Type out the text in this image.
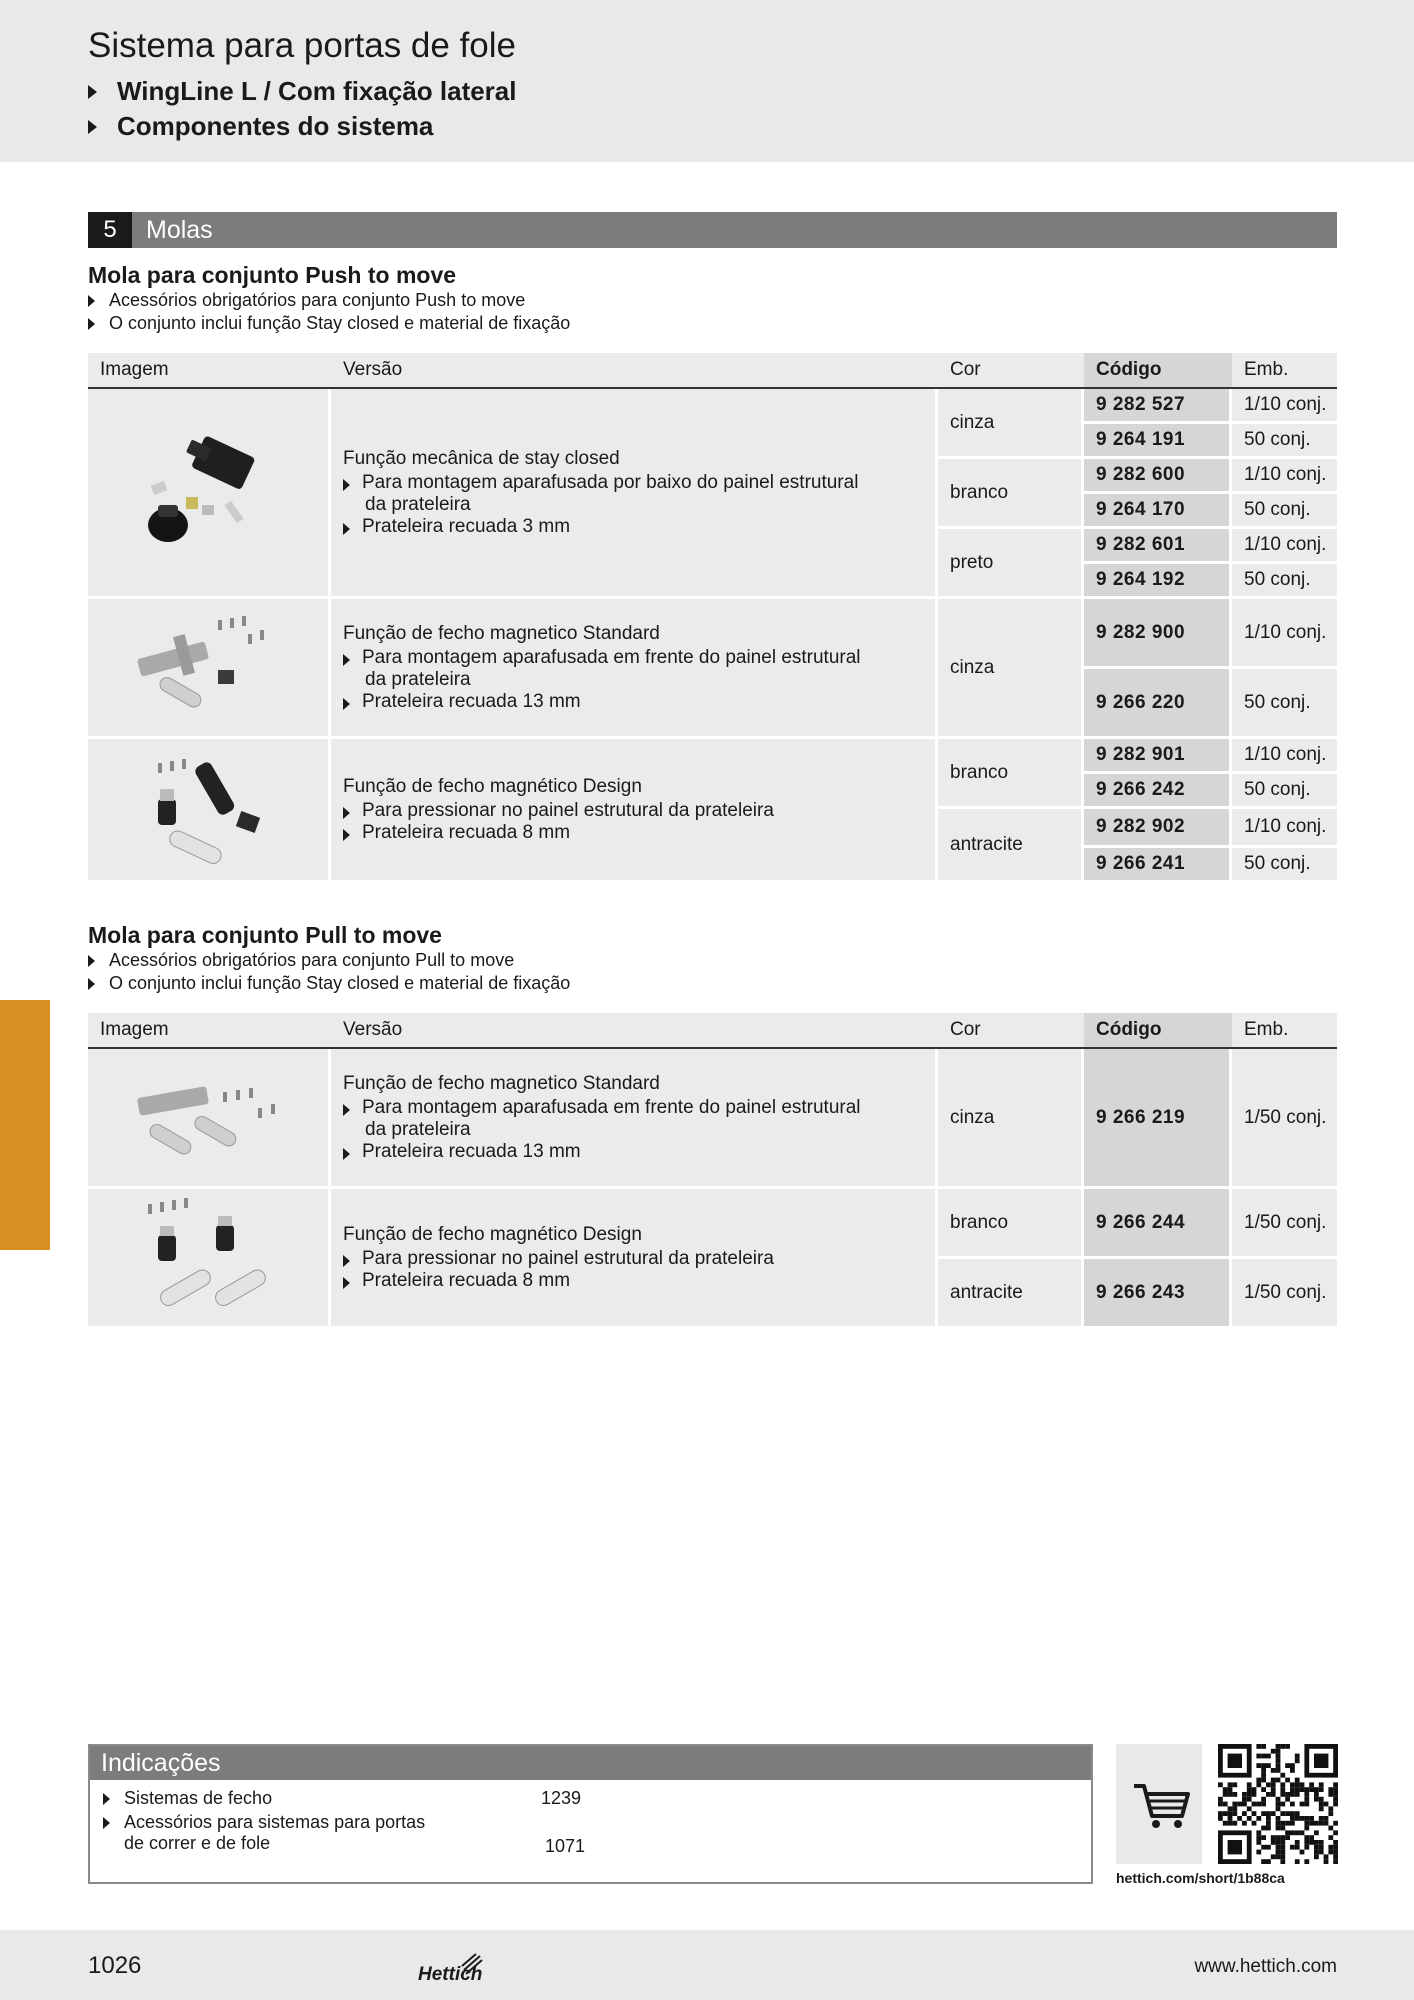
Sistema para portas de fole
WingLine L / Com fixação lateral
Componentes do sistema
5	Molas
Mola para conjunto Push to move
Acessórios obrigatórios para conjunto Push to move
O conjunto inclui função Stay closed e material de fixação
Imagem	Versão	Cor	Código	Emb.

Função mecânica de stay closed
Para montagem aparafusada por baixo do painel estrutural
da prateleira
Prateleira recuada 3 mm	cinza	9 282 527	1/10 conj.
			9 264 191	50 conj.
		branco	9 282 600	1/10 conj.
			9 264 170	50 conj.
		preto	9 282 601	1/10 conj.
			9 264 192	50 conj.

Função de fecho magnetico Standard
Para montagem aparafusada em frente do painel estrutural
da prateleira
Prateleira recuada 13 mm	cinza	9 282 900	1/10 conj.
			9 266 220	50 conj.

Função de fecho magnético Design
Para pressionar no painel estrutural da prateleira
Prateleira recuada 8 mm	branco	9 282 901	1/10 conj.
			9 266 242	50 conj.
		antracite	9 282 902	1/10 conj.
			9 266 241	50 conj.
Mola para conjunto Pull to move
Acessórios obrigatórios para conjunto Pull to move
O conjunto inclui função Stay closed e material de fixação
Imagem	Versão	Cor	Código	Emb.

Função de fecho magnetico Standard
Para montagem aparafusada em frente do painel estrutural
da prateleira
Prateleira recuada 13 mm	cinza	9 266 219	1/50 conj.

Função de fecho magnético Design
Para pressionar no painel estrutural da prateleira
Prateleira recuada 8 mm	branco	9 266 244	1/50 conj.
		antracite	9 266 243	1/50 conj.
Indicações
Sistemas de fecho	1239
Acessórios para sistemas para portas
de correr e de fole	1071
hettich.com/short/1b88ca
1026	Hettich	www.hettich.com
